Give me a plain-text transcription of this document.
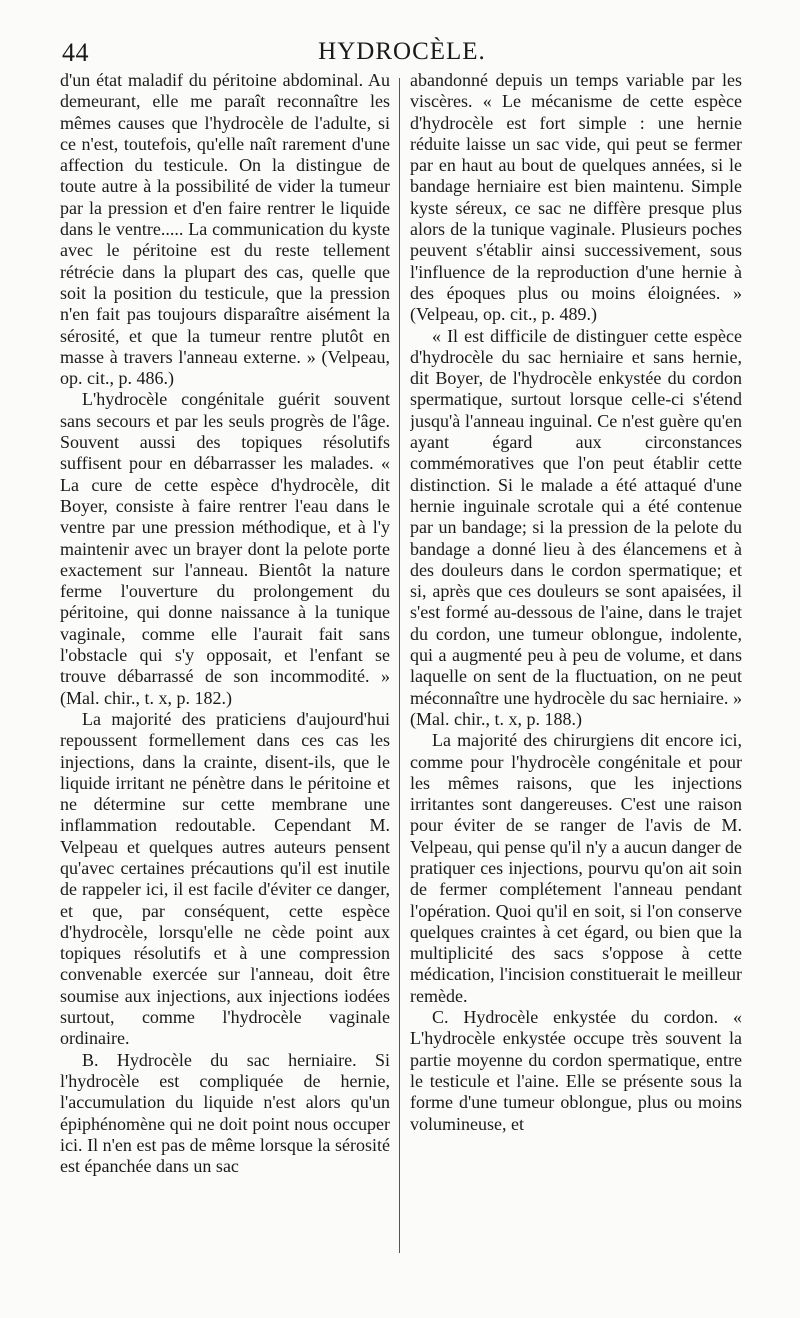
44	HYDROCÈLE.

d'un état maladif du péritoine abdominal. Au demeurant, elle me paraît reconnaître les mêmes causes que l'hydrocèle de l'adulte, si ce n'est, toutefois, qu'elle naît rarement d'une affection du testicule. On la distingue de toute autre à la possibilité de vider la tumeur par la pression et d'en faire rentrer le liquide dans le ventre..... La communication du kyste avec le péritoine est du reste tellement rétrécie dans la plupart des cas, quelle que soit la position du testicule, que la pression n'en fait pas toujours disparaître aisément la sérosité, et que la tumeur rentre plutôt en masse à travers l'anneau externe. » (Velpeau, op. cit., p. 486.)

L'hydrocèle congénitale guérit souvent sans secours et par les seuls progrès de l'âge. Souvent aussi des topiques résolutifs suffisent pour en débarrasser les malades. « La cure de cette espèce d'hydrocèle, dit Boyer, consiste à faire rentrer l'eau dans le ventre par une pression méthodique, et à l'y maintenir avec un brayer dont la pelote porte exactement sur l'anneau. Bientôt la nature ferme l'ouverture du prolongement du péritoine, qui donne naissance à la tunique vaginale, comme elle l'aurait fait sans l'obstacle qui s'y opposait, et l'enfant se trouve débarrassé de son incommodité. » (Mal. chir., t. x, p. 182.)

La majorité des praticiens d'aujourd'hui repoussent formellement dans ces cas les injections, dans la crainte, disent-ils, que le liquide irritant ne pénètre dans le péritoine et ne détermine sur cette membrane une inflammation redoutable. Cependant M. Velpeau et quelques autres auteurs pensent qu'avec certaines précautions qu'il est inutile de rappeler ici, il est facile d'éviter ce danger, et que, par conséquent, cette espèce d'hydrocèle, lorsqu'elle ne cède point aux topiques résolutifs et à une compression convenable exercée sur l'anneau, doit être soumise aux injections, aux injections iodées surtout, comme l'hydrocèle vaginale ordinaire.

B. Hydrocèle du sac herniaire. Si l'hydrocèle est compliquée de hernie, l'accumulation du liquide n'est alors qu'un épiphénomène qui ne doit point nous occuper ici. Il n'en est pas de même lorsque la sérosité est épanchée dans un sac

abandonné depuis un temps variable par les viscères. « Le mécanisme de cette espèce d'hydrocèle est fort simple : une hernie réduite laisse un sac vide, qui peut se fermer par en haut au bout de quelques années, si le bandage herniaire est bien maintenu. Simple kyste séreux, ce sac ne diffère presque plus alors de la tunique vaginale. Plusieurs poches peuvent s'établir ainsi successivement, sous l'influence de la reproduction d'une hernie à des époques plus ou moins éloignées. » (Velpeau, op. cit., p. 489.)

« Il est difficile de distinguer cette espèce d'hydrocèle du sac herniaire et sans hernie, dit Boyer, de l'hydrocèle enkystée du cordon spermatique, surtout lorsque celle-ci s'étend jusqu'à l'anneau inguinal. Ce n'est guère qu'en ayant égard aux circonstances commémoratives que l'on peut établir cette distinction. Si le malade a été attaqué d'une hernie inguinale scrotale qui a été contenue par un bandage; si la pression de la pelote du bandage a donné lieu à des élancemens et à des douleurs dans le cordon spermatique; et si, après que ces douleurs se sont apaisées, il s'est formé au-dessous de l'aine, dans le trajet du cordon, une tumeur oblongue, indolente, qui a augmenté peu à peu de volume, et dans laquelle on sent de la fluctuation, on ne peut méconnaître une hydrocèle du sac herniaire. » (Mal. chir., t. x, p. 188.)

La majorité des chirurgiens dit encore ici, comme pour l'hydrocèle congénitale et pour les mêmes raisons, que les injections irritantes sont dangereuses. C'est une raison pour éviter de se ranger de l'avis de M. Velpeau, qui pense qu'il n'y a aucun danger de pratiquer ces injections, pourvu qu'on ait soin de fermer complétement l'anneau pendant l'opération. Quoi qu'il en soit, si l'on conserve quelques craintes à cet égard, ou bien que la multiplicité des sacs s'oppose à cette médication, l'incision constituerait le meilleur remède.

C. Hydrocèle enkystée du cordon. « L'hydrocèle enkystée occupe très souvent la partie moyenne du cordon spermatique, entre le testicule et l'aine. Elle se présente sous la forme d'une tumeur oblongue, plus ou moins volumineuse, et
